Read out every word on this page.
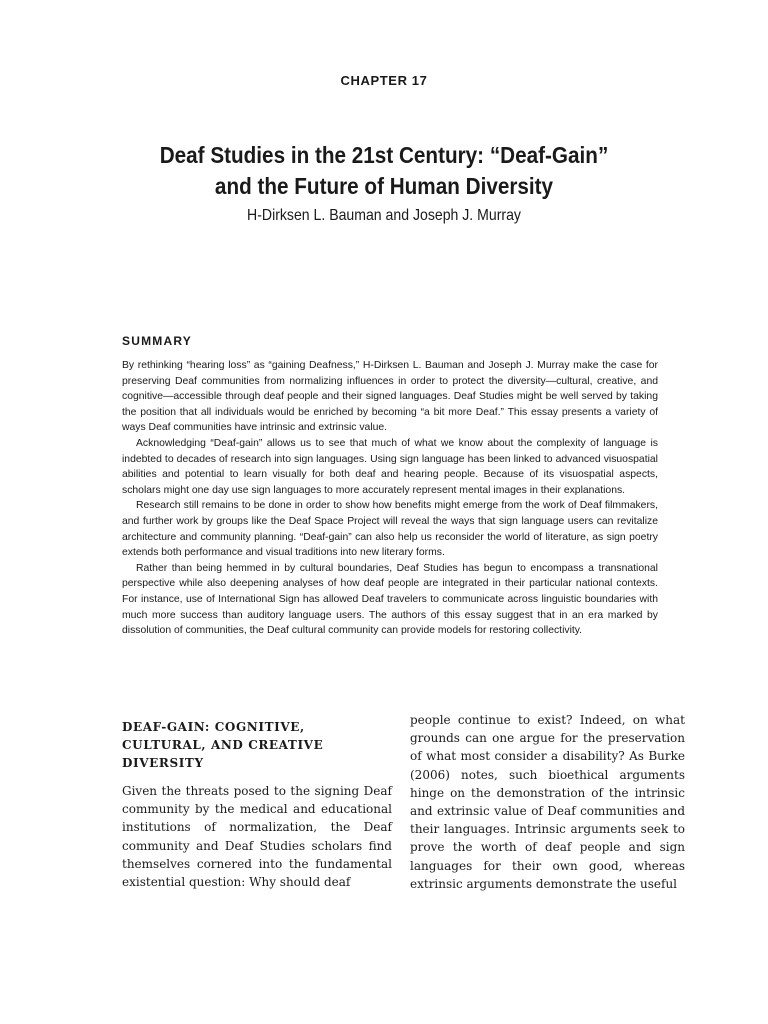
CHAPTER 17
Deaf Studies in the 21st Century: “Deaf-Gain”
and the Future of Human Diversity
H-Dirksen L. Bauman and Joseph J. Murray
SUMMARY

By rethinking “hearing loss” as “gaining Deafness,” H-Dirksen L. Bauman and Joseph J. Murray make the case for preserving Deaf communities from normalizing influences in order to protect the diversity—cultural, creative, and cognitive—accessible through deaf people and their signed languages. Deaf Studies might be well served by taking the position that all individuals would be enriched by becoming “a bit more Deaf.” This essay presents a variety of ways Deaf communities have intrinsic and extrinsic value.

Acknowledging “Deaf-gain” allows us to see that much of what we know about the complexity of language is indebted to decades of research into sign languages. Using sign language has been linked to advanced visuospatial abilities and potential to learn visually for both deaf and hearing people. Because of its visuospatial aspects, scholars might one day use sign languages to more accurately represent mental images in their explanations.

Research still remains to be done in order to show how benefits might emerge from the work of Deaf filmmakers, and further work by groups like the Deaf Space Project will reveal the ways that sign language users can revitalize architecture and community planning. “Deaf-gain” can also help us reconsider the world of literature, as sign poetry extends both performance and visual traditions into new literary forms.

Rather than being hemmed in by cultural boundaries, Deaf Studies has begun to encompass a transnational perspective while also deepening analyses of how deaf people are integrated in their particular national contexts. For instance, use of International Sign has allowed Deaf travelers to communicate across linguistic boundaries with much more success than auditory language users. The authors of this essay suggest that in an era marked by dissolution of communities, the Deaf cultural community can provide models for restoring collectivity.

DEAF-GAIN: COGNITIVE, CULTURAL, AND CREATIVE DIVERSITY

Given the threats posed to the signing Deaf community by the medical and educational institutions of normalization, the Deaf community and Deaf Studies scholars find themselves cornered into the fundamental existential question: Why should deaf

people continue to exist? Indeed, on what grounds can one argue for the preservation of what most consider a disability? As Burke (2006) notes, such bioethical arguments hinge on the demonstration of the intrinsic and extrinsic value of Deaf communities and their languages. Intrinsic arguments seek to prove the worth of deaf people and sign languages for their own good, whereas extrinsic arguments demonstrate the useful
